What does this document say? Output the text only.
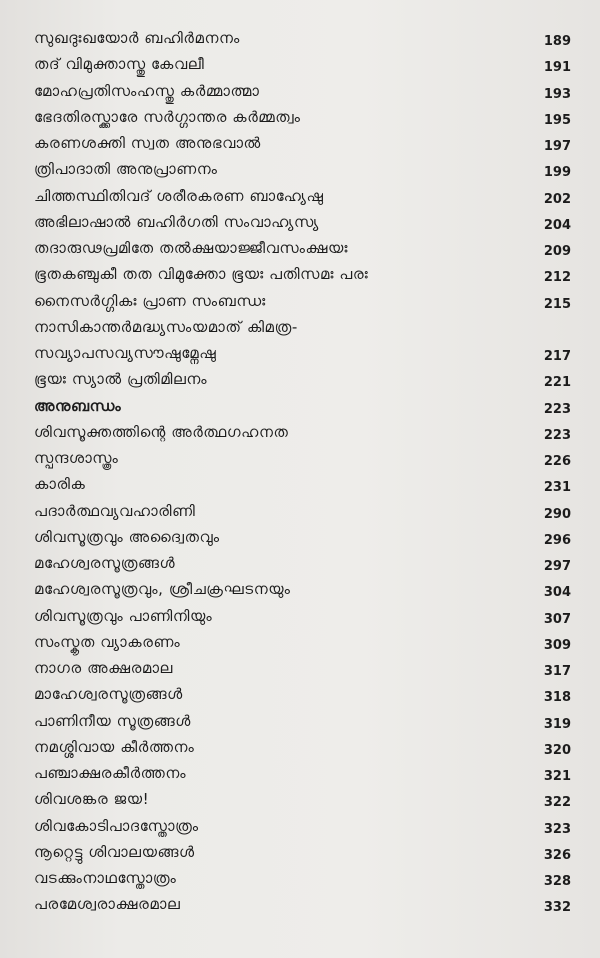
സുഖദുഃഖയോർ ബഹിർമനനം	189
തദ് വിമുക്താസ്തു കേവലീ	191
മോഹപ്രതിസംഹസ്തു കർമ്മാത്മാ	193
ഭേദതിരസ്ക്കാരേ സർഗ്ഗാന്തര കർമ്മത്വം	195
കരണശക്തി സ്വത അനുഭവാൽ	197
ത്രിപാദാതി അനുപ്രാണനം	199
ചിത്തസ്ഥിതിവദ് ശരീരകരണ ബാഹ്യേഷു	202
അഭിലാഷാൽ ബഹിർഗതി സംവാഹ്യസ്യ	204
തദാരുഢപ്രമിതേ തൽക്ഷയാജ്ജീവസംക്ഷയഃ	209
ഭൂതകഞ്ചുകീ തത വിമുക്തോ ഭൂയഃ പതിസമഃ പരഃ	212
നൈസർഗ്ഗികഃ പ്രാണ സംബന്ധഃ	215
നാസികാന്തർമദ്ധ്യസംയമാത് കിമത്ര-
സവ്യാപസവ്യസൗഷുമ്നേഷു	217
ഭൂയഃ സ്യാൽ പ്രതിമിലനം	221
അനുബന്ധം	223
ശിവസൂക്തത്തിന്റെ അർത്ഥഗഹനത	223
സ്പന്ദശാസ്ത്രം	226
കാരിക	231
പദാർത്ഥവ്യവഹാരിണി	290
ശിവസൂത്രവും അദ്വൈതവും	296
മഹേശ്വരസൂത്രങ്ങൾ	297
മഹേശ്വരസൂത്രവും, ശ്രീചക്രഘടനയും	304
ശിവസൂത്രവും പാണിനിയും	307
സംസ്കൃത വ്യാകരണം	309
നാഗര അക്ഷരമാല	317
മാഹേശ്വരസൂത്രങ്ങൾ	318
പാണിനീയ സൂത്രങ്ങൾ	319
നമശ്ശിവായ കീർത്തനം	320
പഞ്ചാക്ഷരകീർത്തനം	321
ശിവശങ്കര ജയ!	322
ശിവകോടിപാദസ്തോത്രം	323
നൂറ്റെട്ടു ശിവാലയങ്ങൾ	326
വടക്കുംനാഥസ്തോത്രം	328
പരമേശ്വരാക്ഷരമാല	332
